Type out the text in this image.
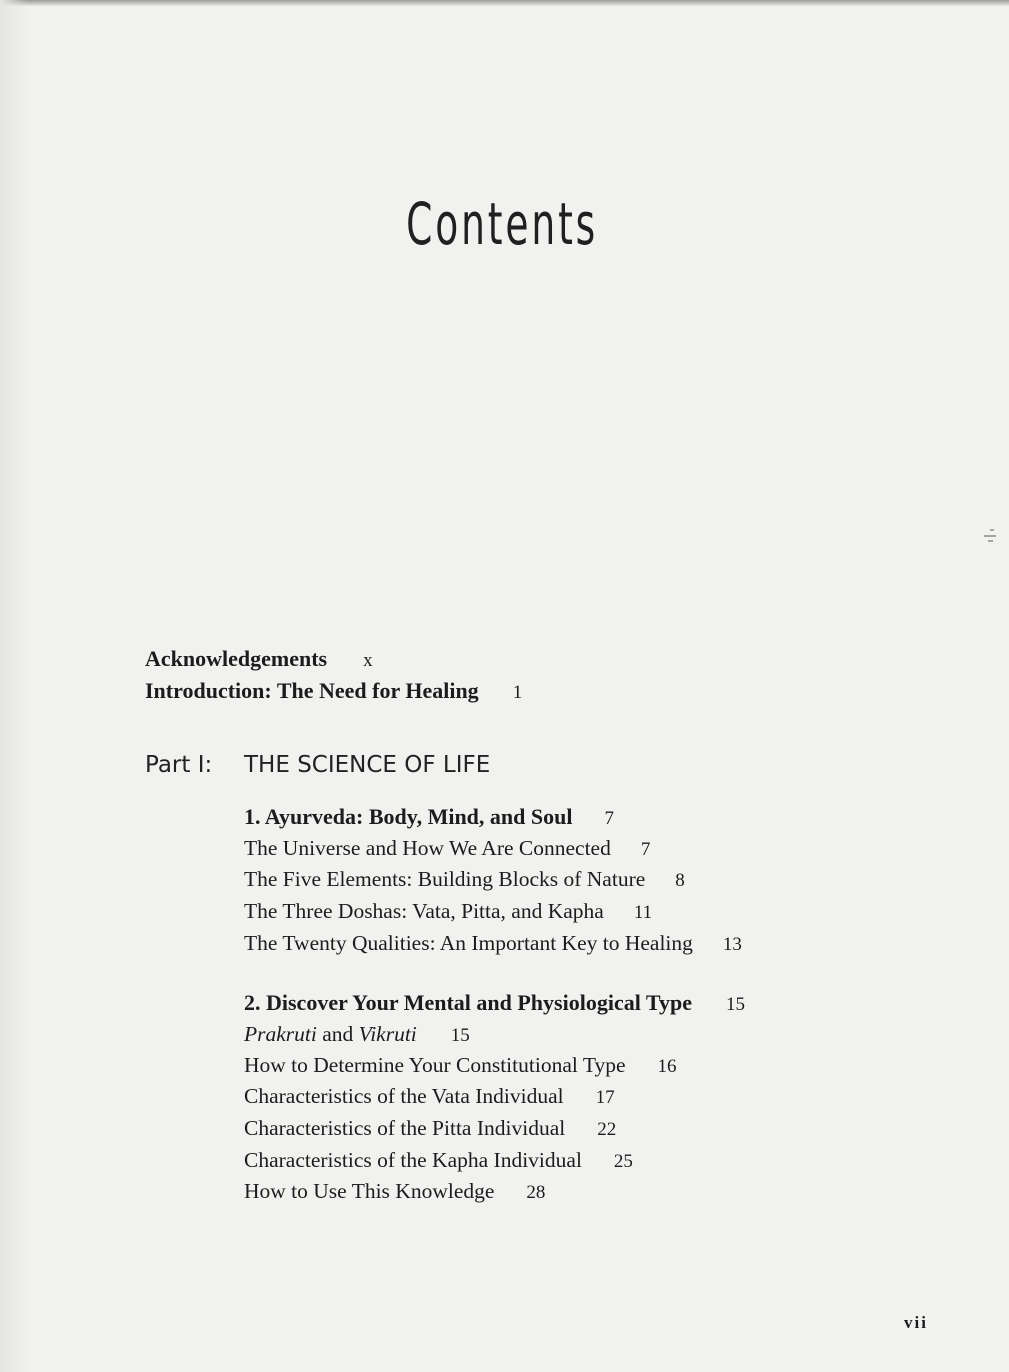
Contents
Acknowledgements x
Introduction: The Need for Healing 1
Part I: THE SCIENCE OF LIFE
1. Ayurveda: Body, Mind, and Soul 7
The Universe and How We Are Connected 7
The Five Elements: Building Blocks of Nature 8
The Three Doshas: Vata, Pitta, and Kapha 11
The Twenty Qualities: An Important Key to Healing 13
2. Discover Your Mental and Physiological Type 15
Prakruti and Vikruti 15
How to Determine Your Constitutional Type 16
Characteristics of the Vata Individual 17
Characteristics of the Pitta Individual 22
Characteristics of the Kapha Individual 25
How to Use This Knowledge 28
vii
